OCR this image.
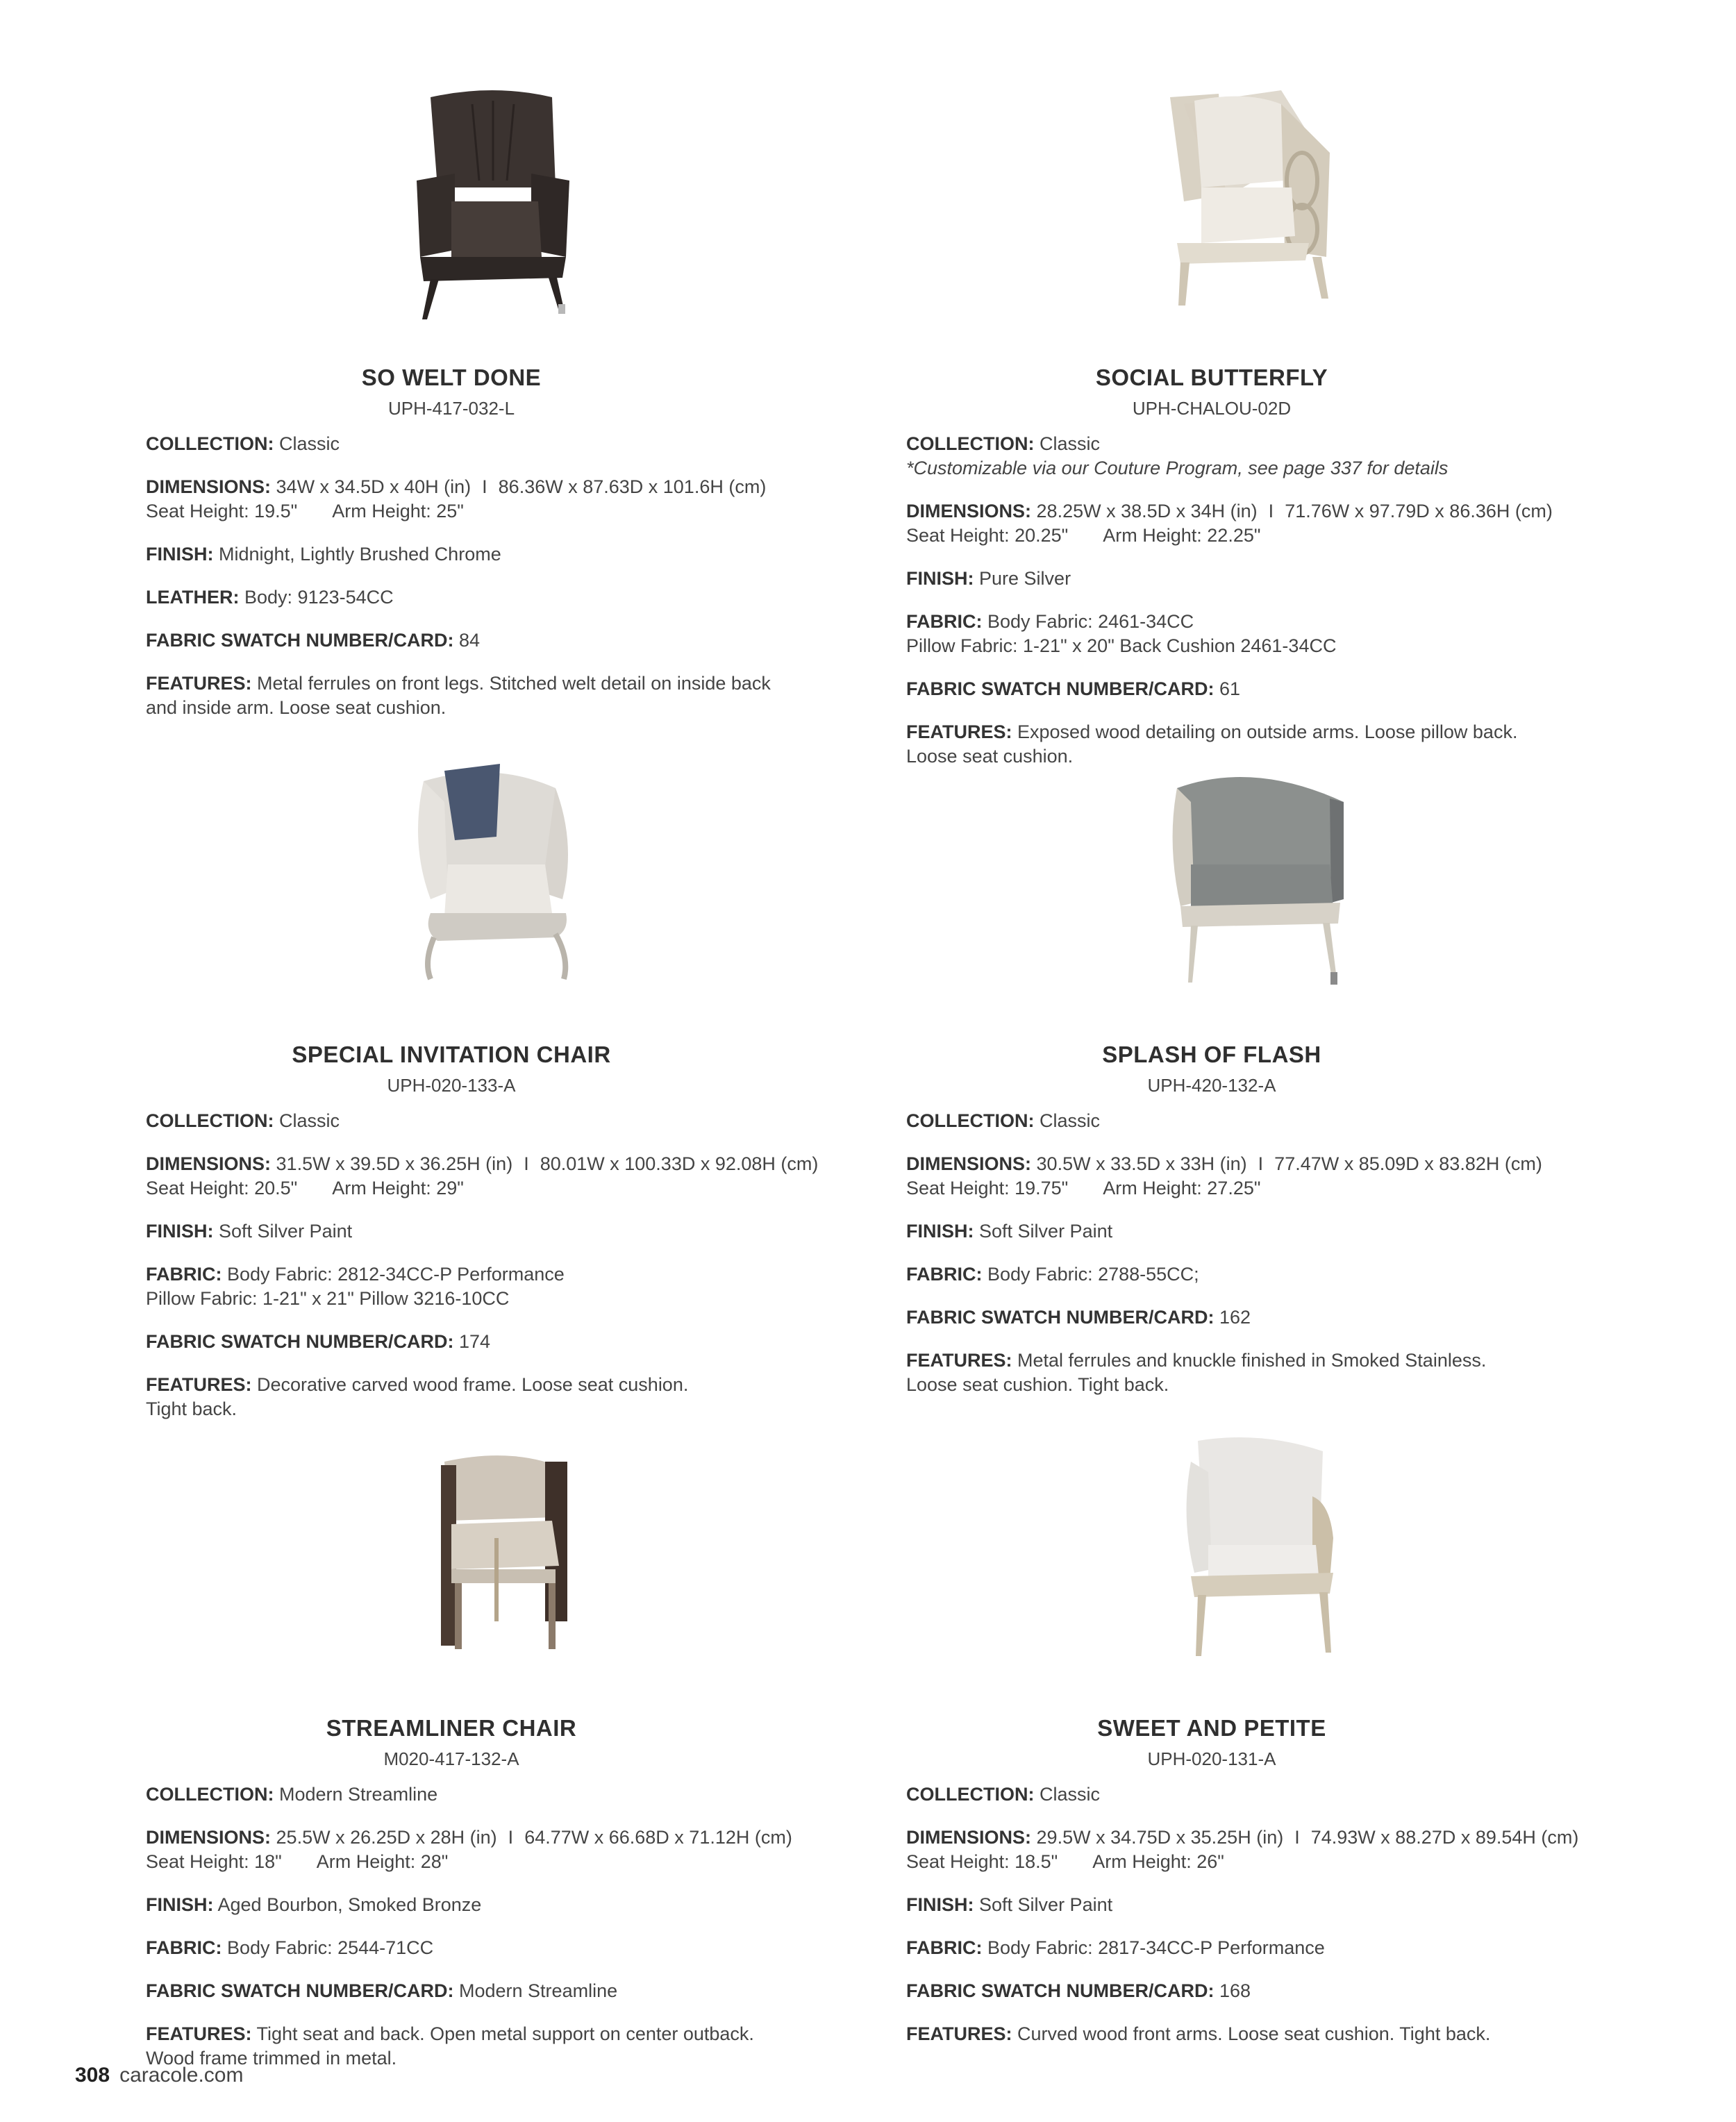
SO WELT DONE
UPH-417-032-L
COLLECTION: Classic
DIMENSIONS: 34W x 34.5D x 40H (in) I 86.36W x 87.63D x 101.6H (cm)
Seat Height: 19.5" Arm Height: 25"
FINISH: Midnight, Lightly Brushed Chrome
LEATHER: Body: 9123-54CC
FABRIC SWATCH NUMBER/CARD: 84
FEATURES: Metal ferrules on front legs. Stitched welt detail on inside back
and inside arm. Loose seat cushion.
SOCIAL BUTTERFLY
UPH-CHALOU-02D
COLLECTION: Classic
*Customizable via our Couture Program, see page 337 for details
DIMENSIONS: 28.25W x 38.5D x 34H (in) I 71.76W x 97.79D x 86.36H (cm)
Seat Height: 20.25" Arm Height: 22.25"
FINISH: Pure Silver
FABRIC: Body Fabric: 2461-34CC
Pillow Fabric: 1-21" x 20" Back Cushion 2461-34CC
FABRIC SWATCH NUMBER/CARD: 61
FEATURES: Exposed wood detailing on outside arms. Loose pillow back.
Loose seat cushion.
SPECIAL INVITATION CHAIR
UPH-020-133-A
COLLECTION: Classic
DIMENSIONS: 31.5W x 39.5D x 36.25H (in) I 80.01W x 100.33D x 92.08H (cm)
Seat Height: 20.5" Arm Height: 29"
FINISH: Soft Silver Paint
FABRIC: Body Fabric: 2812-34CC-P Performance
Pillow Fabric: 1-21" x 21" Pillow 3216-10CC
FABRIC SWATCH NUMBER/CARD: 174
FEATURES: Decorative carved wood frame. Loose seat cushion.
Tight back.
SPLASH OF FLASH
UPH-420-132-A
COLLECTION: Classic
DIMENSIONS: 30.5W x 33.5D x 33H (in) I 77.47W x 85.09D x 83.82H (cm)
Seat Height: 19.75" Arm Height: 27.25"
FINISH: Soft Silver Paint
FABRIC: Body Fabric: 2788-55CC;
FABRIC SWATCH NUMBER/CARD: 162
FEATURES: Metal ferrules and knuckle finished in Smoked Stainless.
Loose seat cushion. Tight back.
STREAMLINER CHAIR
M020-417-132-A
COLLECTION: Modern Streamline
DIMENSIONS: 25.5W x 26.25D x 28H (in) I 64.77W x 66.68D x 71.12H (cm)
Seat Height: 18" Arm Height: 28"
FINISH: Aged Bourbon, Smoked Bronze
FABRIC: Body Fabric: 2544-71CC
FABRIC SWATCH NUMBER/CARD: Modern Streamline
FEATURES: Tight seat and back. Open metal support on center outback.
Wood frame trimmed in metal.
SWEET AND PETITE
UPH-020-131-A
COLLECTION: Classic
DIMENSIONS: 29.5W x 34.75D x 35.25H (in) I 74.93W x 88.27D x 89.54H (cm)
Seat Height: 18.5" Arm Height: 26"
FINISH: Soft Silver Paint
FABRIC: Body Fabric: 2817-34CC-P Performance
FABRIC SWATCH NUMBER/CARD: 168
FEATURES: Curved wood front arms. Loose seat cushion. Tight back.
308 caracole.com
